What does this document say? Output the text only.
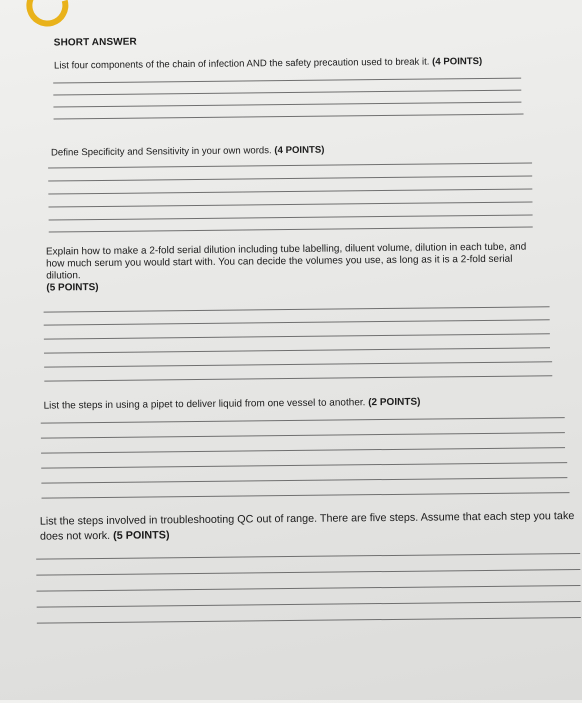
SHORT ANSWER
List four components of the chain of infection AND the safety precaution used to break it. (4 POINTS)
Define Specificity and Sensitivity in your own words. (4 POINTS)
Explain how to make a 2-fold serial dilution including tube labelling, diluent volume, dilution in each tube, and how much serum you would start with. You can decide the volumes you use, as long as it is a 2-fold serial dilution.
(5 POINTS)
List the steps in using a pipet to deliver liquid from one vessel to another. (2 POINTS)
List the steps involved in troubleshooting QC out of range. There are five steps. Assume that each step you take does not work. (5 POINTS)
